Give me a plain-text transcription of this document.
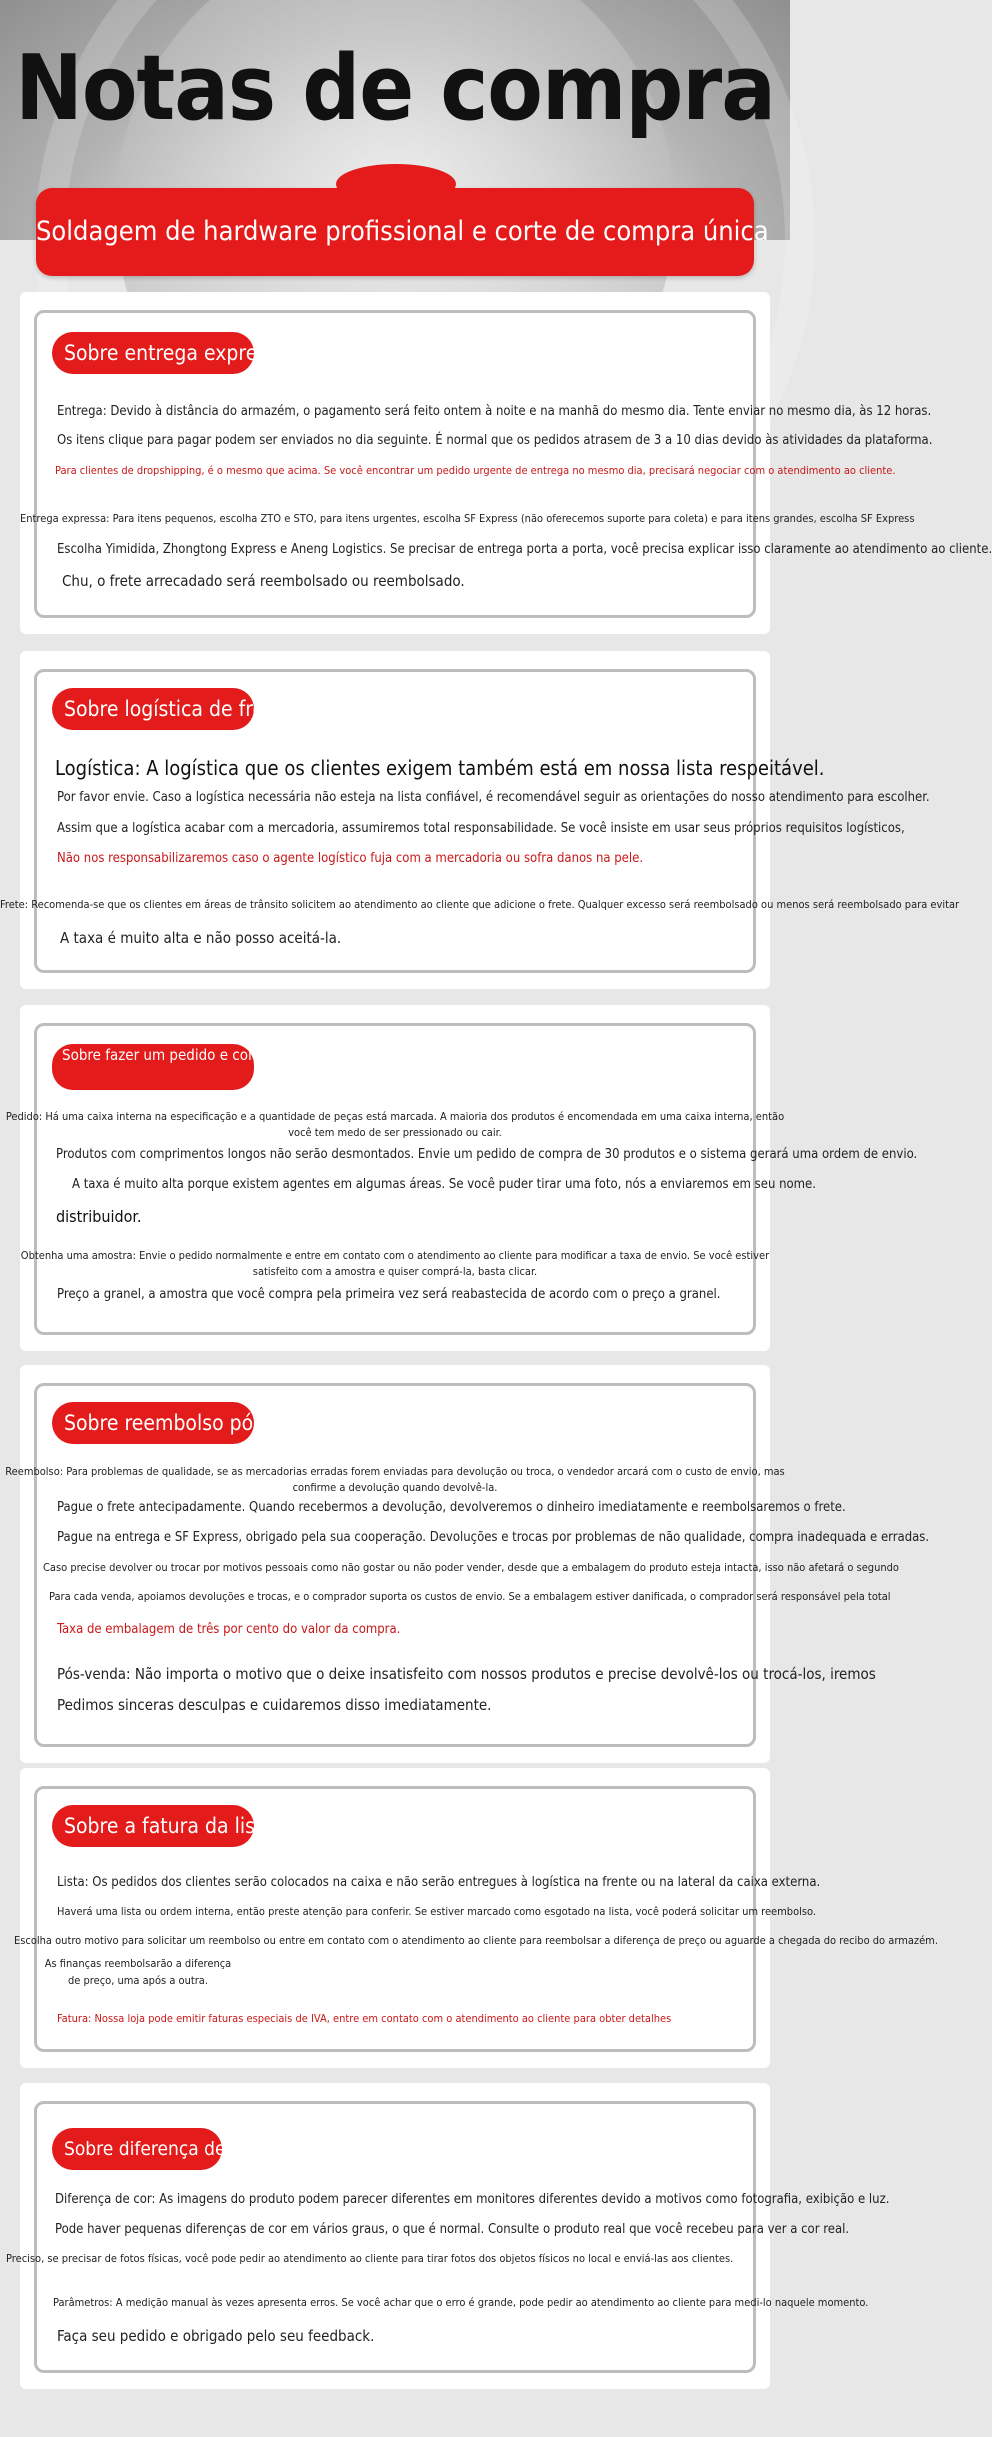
Notas de compra
Soldagem de hardware profissional e corte de compra única
Sobre entrega expressa
Entrega: Devido à distância do armazém, o pagamento será feito ontem à noite e na manhã do mesmo dia. Tente enviar no mesmo dia, às 12 horas.
Os itens clique para pagar podem ser enviados no dia seguinte. É normal que os pedidos atrasem de 3 a 10 dias devido às atividades da plataforma.
Para clientes de dropshipping, é o mesmo que acima. Se você encontrar um pedido urgente de entrega no mesmo dia, precisará negociar com o atendimento ao cliente.
Entrega expressa: Para itens pequenos, escolha ZTO e STO, para itens urgentes, escolha SF Express (não oferecemos suporte para coleta) e para itens grandes, escolha SF Express
Escolha Yimidida, Zhongtong Express e Aneng Logistics. Se precisar de entrega porta a porta, você precisa explicar isso claramente ao atendimento ao cliente.
Chu, o frete arrecadado será reembolsado ou reembolsado.
Sobre logística de frete
Logística: A logística que os clientes exigem também está em nossa lista respeitável.
Por favor envie. Caso a logística necessária não esteja na lista confiável, é recomendável seguir as orientações do nosso atendimento para escolher.
Assim que a logística acabar com a mercadoria, assumiremos total responsabilidade. Se você insiste em usar seus próprios requisitos logísticos,
Não nos responsabilizaremos caso o agente logístico fuja com a mercadoria ou sofra danos na pele.
Frete: Recomenda-se que os clientes em áreas de trânsito solicitem ao atendimento ao cliente que adicione o frete. Qualquer excesso será reembolsado ou menos será reembolsado para evitar
A taxa é muito alta e não posso aceitá-la.
Sobre fazer um pedido e coletar amostras
Pedido: Há uma caixa interna na especificação e a quantidade de peças está marcada. A maioria dos produtos é encomendada em uma caixa interna, então você tem medo de ser pressionado ou cair.
Produtos com comprimentos longos não serão desmontados. Envie um pedido de compra de 30 produtos e o sistema gerará uma ordem de envio.
A taxa é muito alta porque existem agentes em algumas áreas. Se você puder tirar uma foto, nós a enviaremos em seu nome.
distribuidor.
Obtenha uma amostra: Envie o pedido normalmente e entre em contato com o atendimento ao cliente para modificar a taxa de envio. Se você estiver satisfeito com a amostra e quiser comprá-la, basta clicar.
Preço a granel, a amostra que você compra pela primeira vez será reabastecida de acordo com o preço a granel.
Sobre reembolso pós-venda
Reembolso: Para problemas de qualidade, se as mercadorias erradas forem enviadas para devolução ou troca, o vendedor arcará com o custo de envio, mas confirme a devolução quando devolvê-la.
Pague o frete antecipadamente. Quando recebermos a devolução, devolveremos o dinheiro imediatamente e reembolsaremos o frete.
Pague na entrega e SF Express, obrigado pela sua cooperação. Devoluções e trocas por problemas de não qualidade, compra inadequada e erradas.
Caso precise devolver ou trocar por motivos pessoais como não gostar ou não poder vender, desde que a embalagem do produto esteja intacta, isso não afetará o segundo
Para cada venda, apoiamos devoluções e trocas, e o comprador suporta os custos de envio. Se a embalagem estiver danificada, o comprador será responsável pela total
Taxa de embalagem de três por cento do valor da compra.
Pós-venda: Não importa o motivo que o deixe insatisfeito com nossos produtos e precise devolvê-los ou trocá-los, iremos
Pedimos sinceras desculpas e cuidaremos disso imediatamente.
Sobre a fatura da lista
Lista: Os pedidos dos clientes serão colocados na caixa e não serão entregues à logística na frente ou na lateral da caixa externa.
Haverá uma lista ou ordem interna, então preste atenção para conferir. Se estiver marcado como esgotado na lista, você poderá solicitar um reembolso.
Escolha outro motivo para solicitar um reembolso ou entre em contato com o atendimento ao cliente para reembolsar a diferença de preço ou aguarde a chegada do recibo do armazém.
As finanças reembolsarão a diferença de preço, uma após a outra.
Fatura: Nossa loja pode emitir faturas especiais de IVA, entre em contato com o atendimento ao cliente para obter detalhes
Sobre diferença de cor
Diferença de cor: As imagens do produto podem parecer diferentes em monitores diferentes devido a motivos como fotografia, exibição e luz.
Pode haver pequenas diferenças de cor em vários graus, o que é normal. Consulte o produto real que você recebeu para ver a cor real.
Preciso, se precisar de fotos físicas, você pode pedir ao atendimento ao cliente para tirar fotos dos objetos físicos no local e enviá-las aos clientes.
Parâmetros: A medição manual às vezes apresenta erros. Se você achar que o erro é grande, pode pedir ao atendimento ao cliente para medi-lo naquele momento.
Faça seu pedido e obrigado pelo seu feedback.
